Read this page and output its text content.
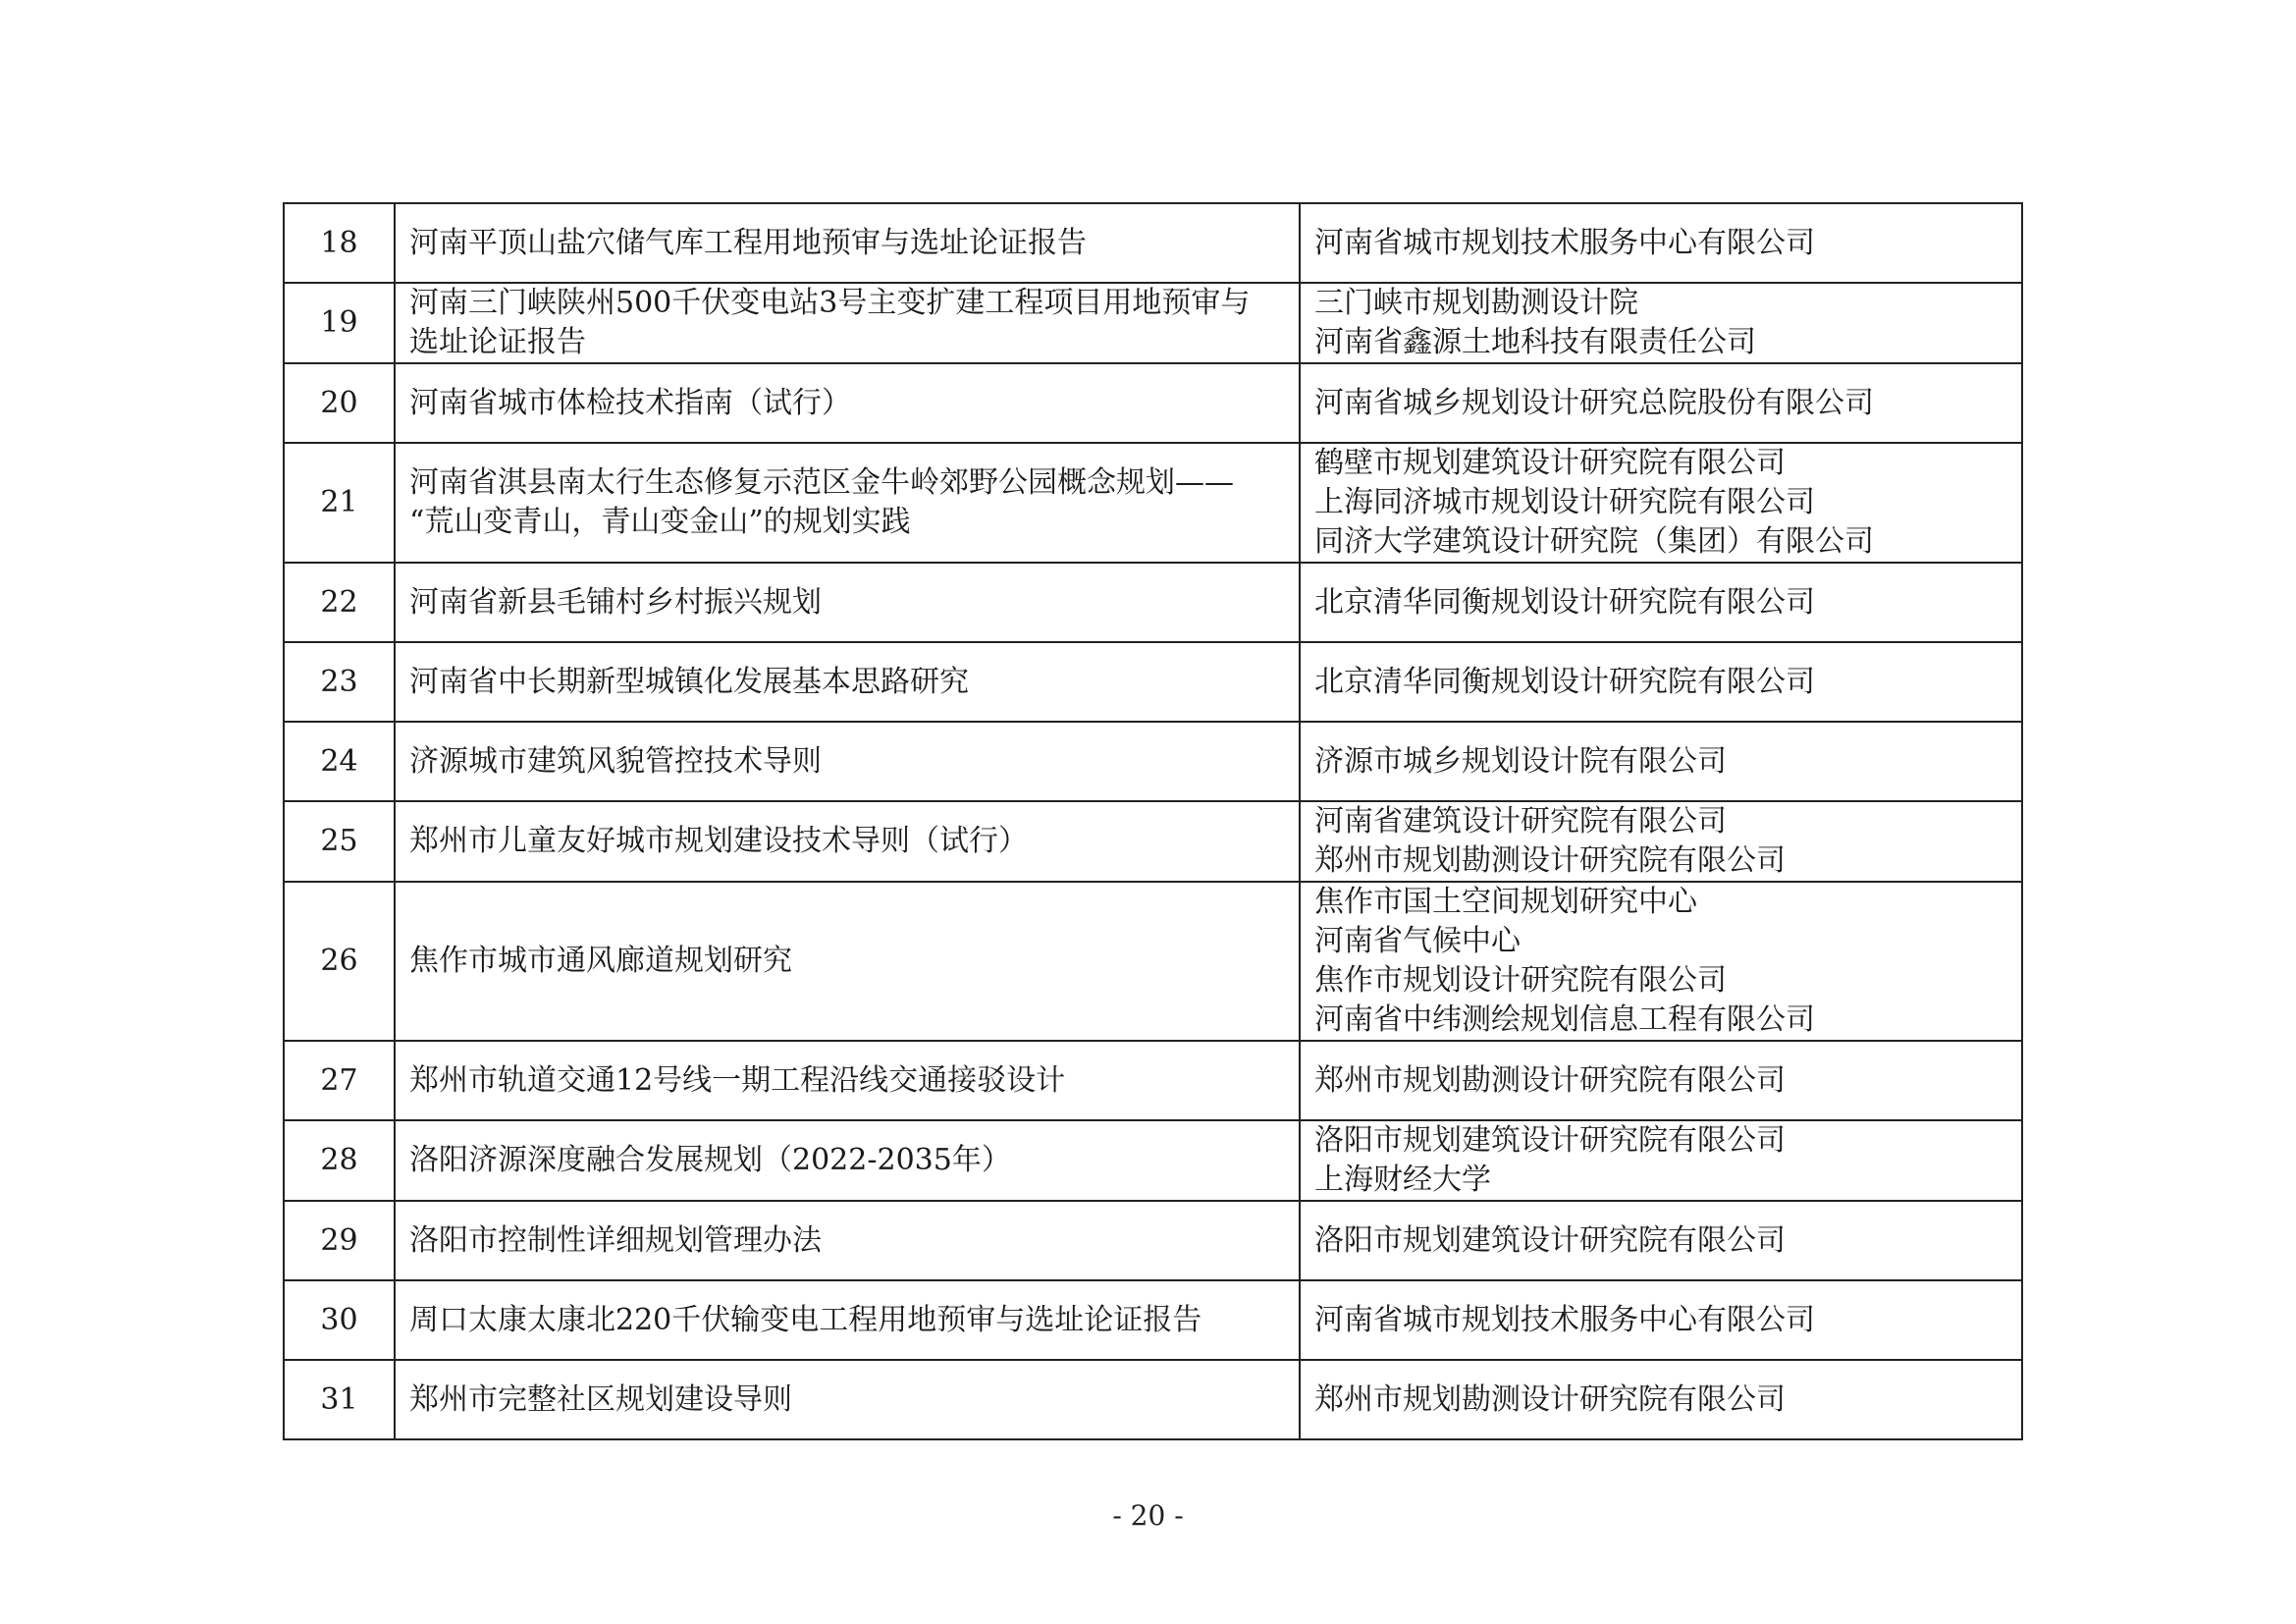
18	河南平顶山盐穴储气库工程用地预审与选址论证报告	河南省城市规划技术服务中心有限公司

19	河南三门峡陕州500千伏变电站3号主变扩建工程项目用地预审与
选址论证报告	三门峡市规划勘测设计院
河南省鑫源土地科技有限责任公司

20	河南省城市体检技术指南（试行）	河南省城乡规划设计研究总院股份有限公司

21	河南省淇县南太行生态修复示范区金牛岭郊野公园概念规划——
“荒山变青山，青山变金山”的规划实践	鹤壁市规划建筑设计研究院有限公司
上海同济城市规划设计研究院有限公司
同济大学建筑设计研究院（集团）有限公司

22	河南省新县毛铺村乡村振兴规划	北京清华同衡规划设计研究院有限公司

23	河南省中长期新型城镇化发展基本思路研究	北京清华同衡规划设计研究院有限公司

24	济源城市建筑风貌管控技术导则	济源市城乡规划设计院有限公司

25	郑州市儿童友好城市规划建设技术导则（试行）	河南省建筑设计研究院有限公司
郑州市规划勘测设计研究院有限公司

26	焦作市城市通风廊道规划研究	焦作市国土空间规划研究中心
河南省气候中心
焦作市规划设计研究院有限公司
河南省中纬测绘规划信息工程有限公司

27	郑州市轨道交通12号线一期工程沿线交通接驳设计	郑州市规划勘测设计研究院有限公司

28	洛阳济源深度融合发展规划（2022-2035年）	洛阳市规划建筑设计研究院有限公司
上海财经大学

29	洛阳市控制性详细规划管理办法	洛阳市规划建筑设计研究院有限公司

30	周口太康太康北220千伏输变电工程用地预审与选址论证报告	河南省城市规划技术服务中心有限公司

31	郑州市完整社区规划建设导则	郑州市规划勘测设计研究院有限公司
- 20 -
